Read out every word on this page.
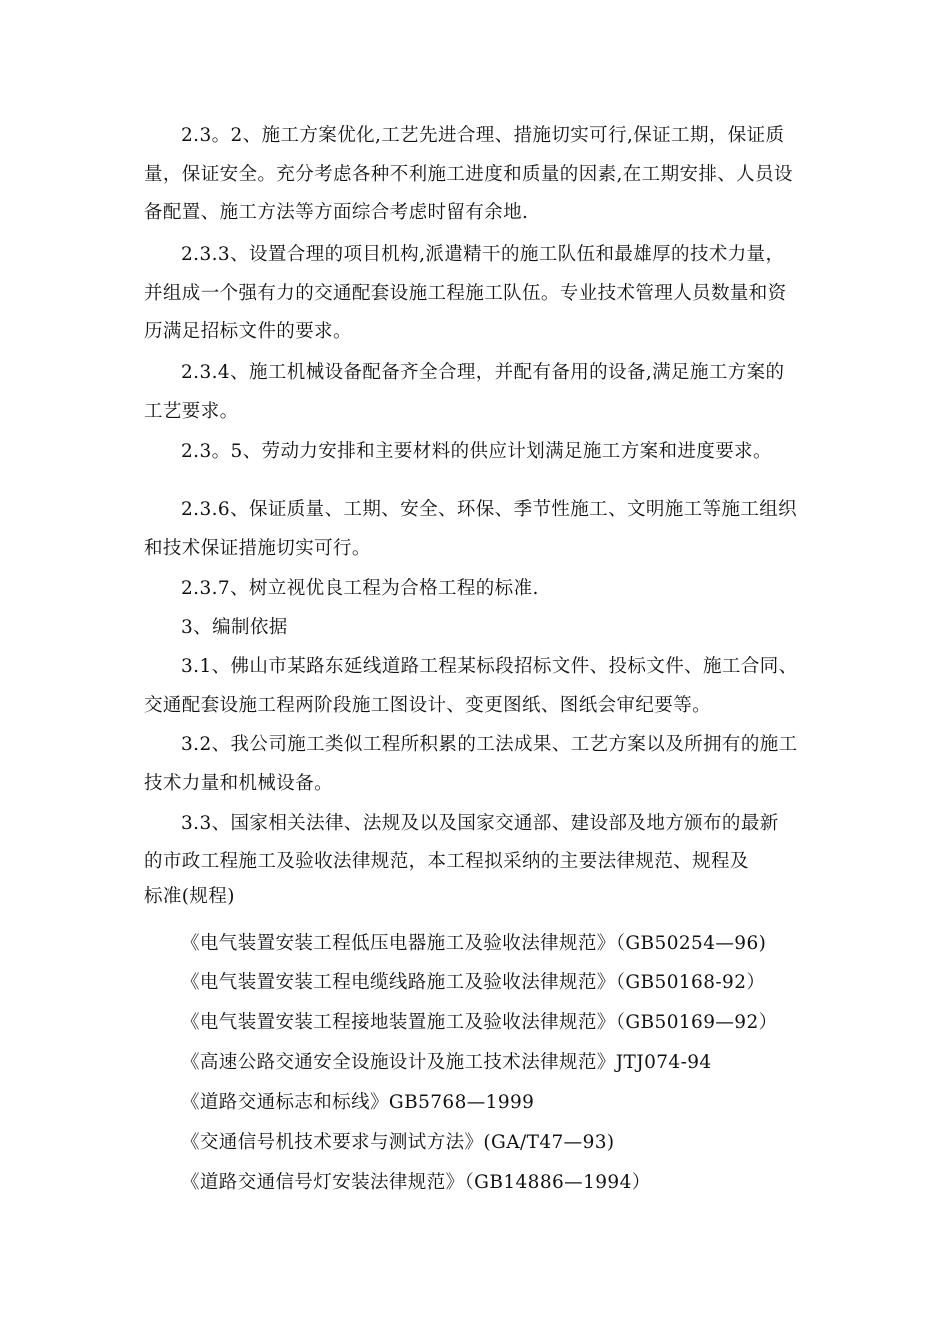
2.3。2、施工方案优化,工艺先进合理、措施切实可行,保证工期，保证质
量，保证安全。充分考虑各种不利施工进度和质量的因素,在工期安排、人员设
备配置、施工方法等方面综合考虑时留有余地.
2.3.3、设置合理的项目机构,派遣精干的施工队伍和最雄厚的技术力量，
并组成一个强有力的交通配套设施工程施工队伍。专业技术管理人员数量和资
历满足招标文件的要求。
2.3.4、施工机械设备配备齐全合理，并配有备用的设备,满足施工方案的
工艺要求。
2.3。5、劳动力安排和主要材料的供应计划满足施工方案和进度要求。
2.3.6、保证质量、工期、安全、环保、季节性施工、文明施工等施工组织
和技术保证措施切实可行。
2.3.7、树立视优良工程为合格工程的标准.
3、编制依据
3.1、佛山市某路东延线道路工程某标段招标文件、投标文件、施工合同、
交通配套设施工程两阶段施工图设计、变更图纸、图纸会审纪要等。
3.2、我公司施工类似工程所积累的工法成果、工艺方案以及所拥有的施工
技术力量和机械设备。
3.3、国家相关法律、法规及以及国家交通部、建设部及地方颁布的最新
的市政工程施工及验收法律规范，本工程拟采纳的主要法律规范、规程及
标准(规程)
《电气装置安装工程低压电器施工及验收法律规范》（GB50254—96)
《电气装置安装工程电缆线路施工及验收法律规范》（GB50168-92）
《电气装置安装工程接地装置施工及验收法律规范》（GB50169—92）
《高速公路交通安全设施设计及施工技术法律规范》JTJ074-94
《道路交通标志和标线》GB5768—1999
《交通信号机技术要求与测试方法》(GA/T47—93)
《道路交通信号灯安装法律规范》（GB14886—1994）
